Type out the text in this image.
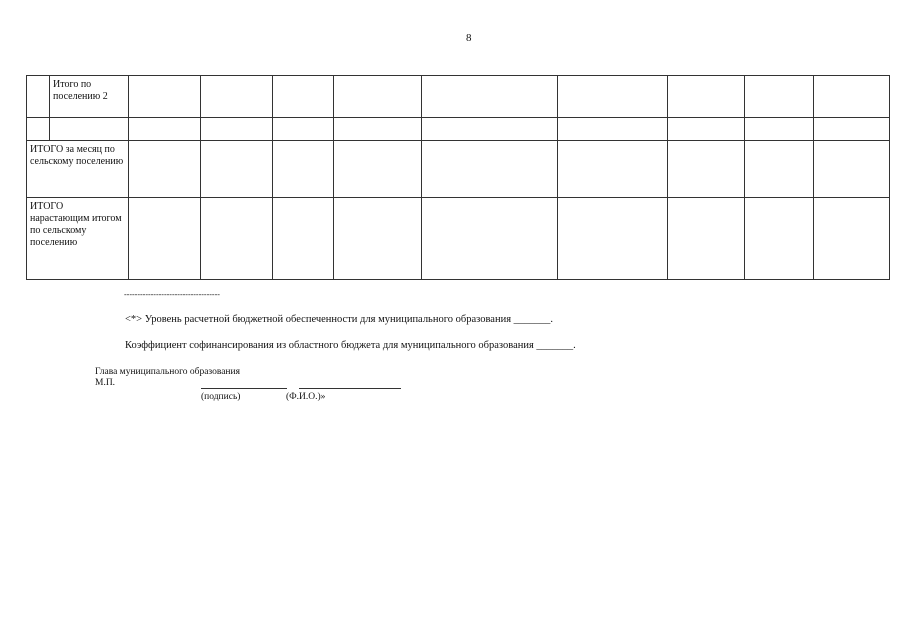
8
	Итого по поселению 2									

ИТОГО за месяц по сельскому поселению										
ИТОГО нарастающим итогом по сельскому поселению										
------------------------------------
<*> Уровень расчетной бюджетной обеспеченности для муниципального образования _______.
Коэффициент софинансирования из областного бюджета для муниципального образования _______.
Глава муниципального образования
М.П.
(подпись)	(Ф.И.О.)»
